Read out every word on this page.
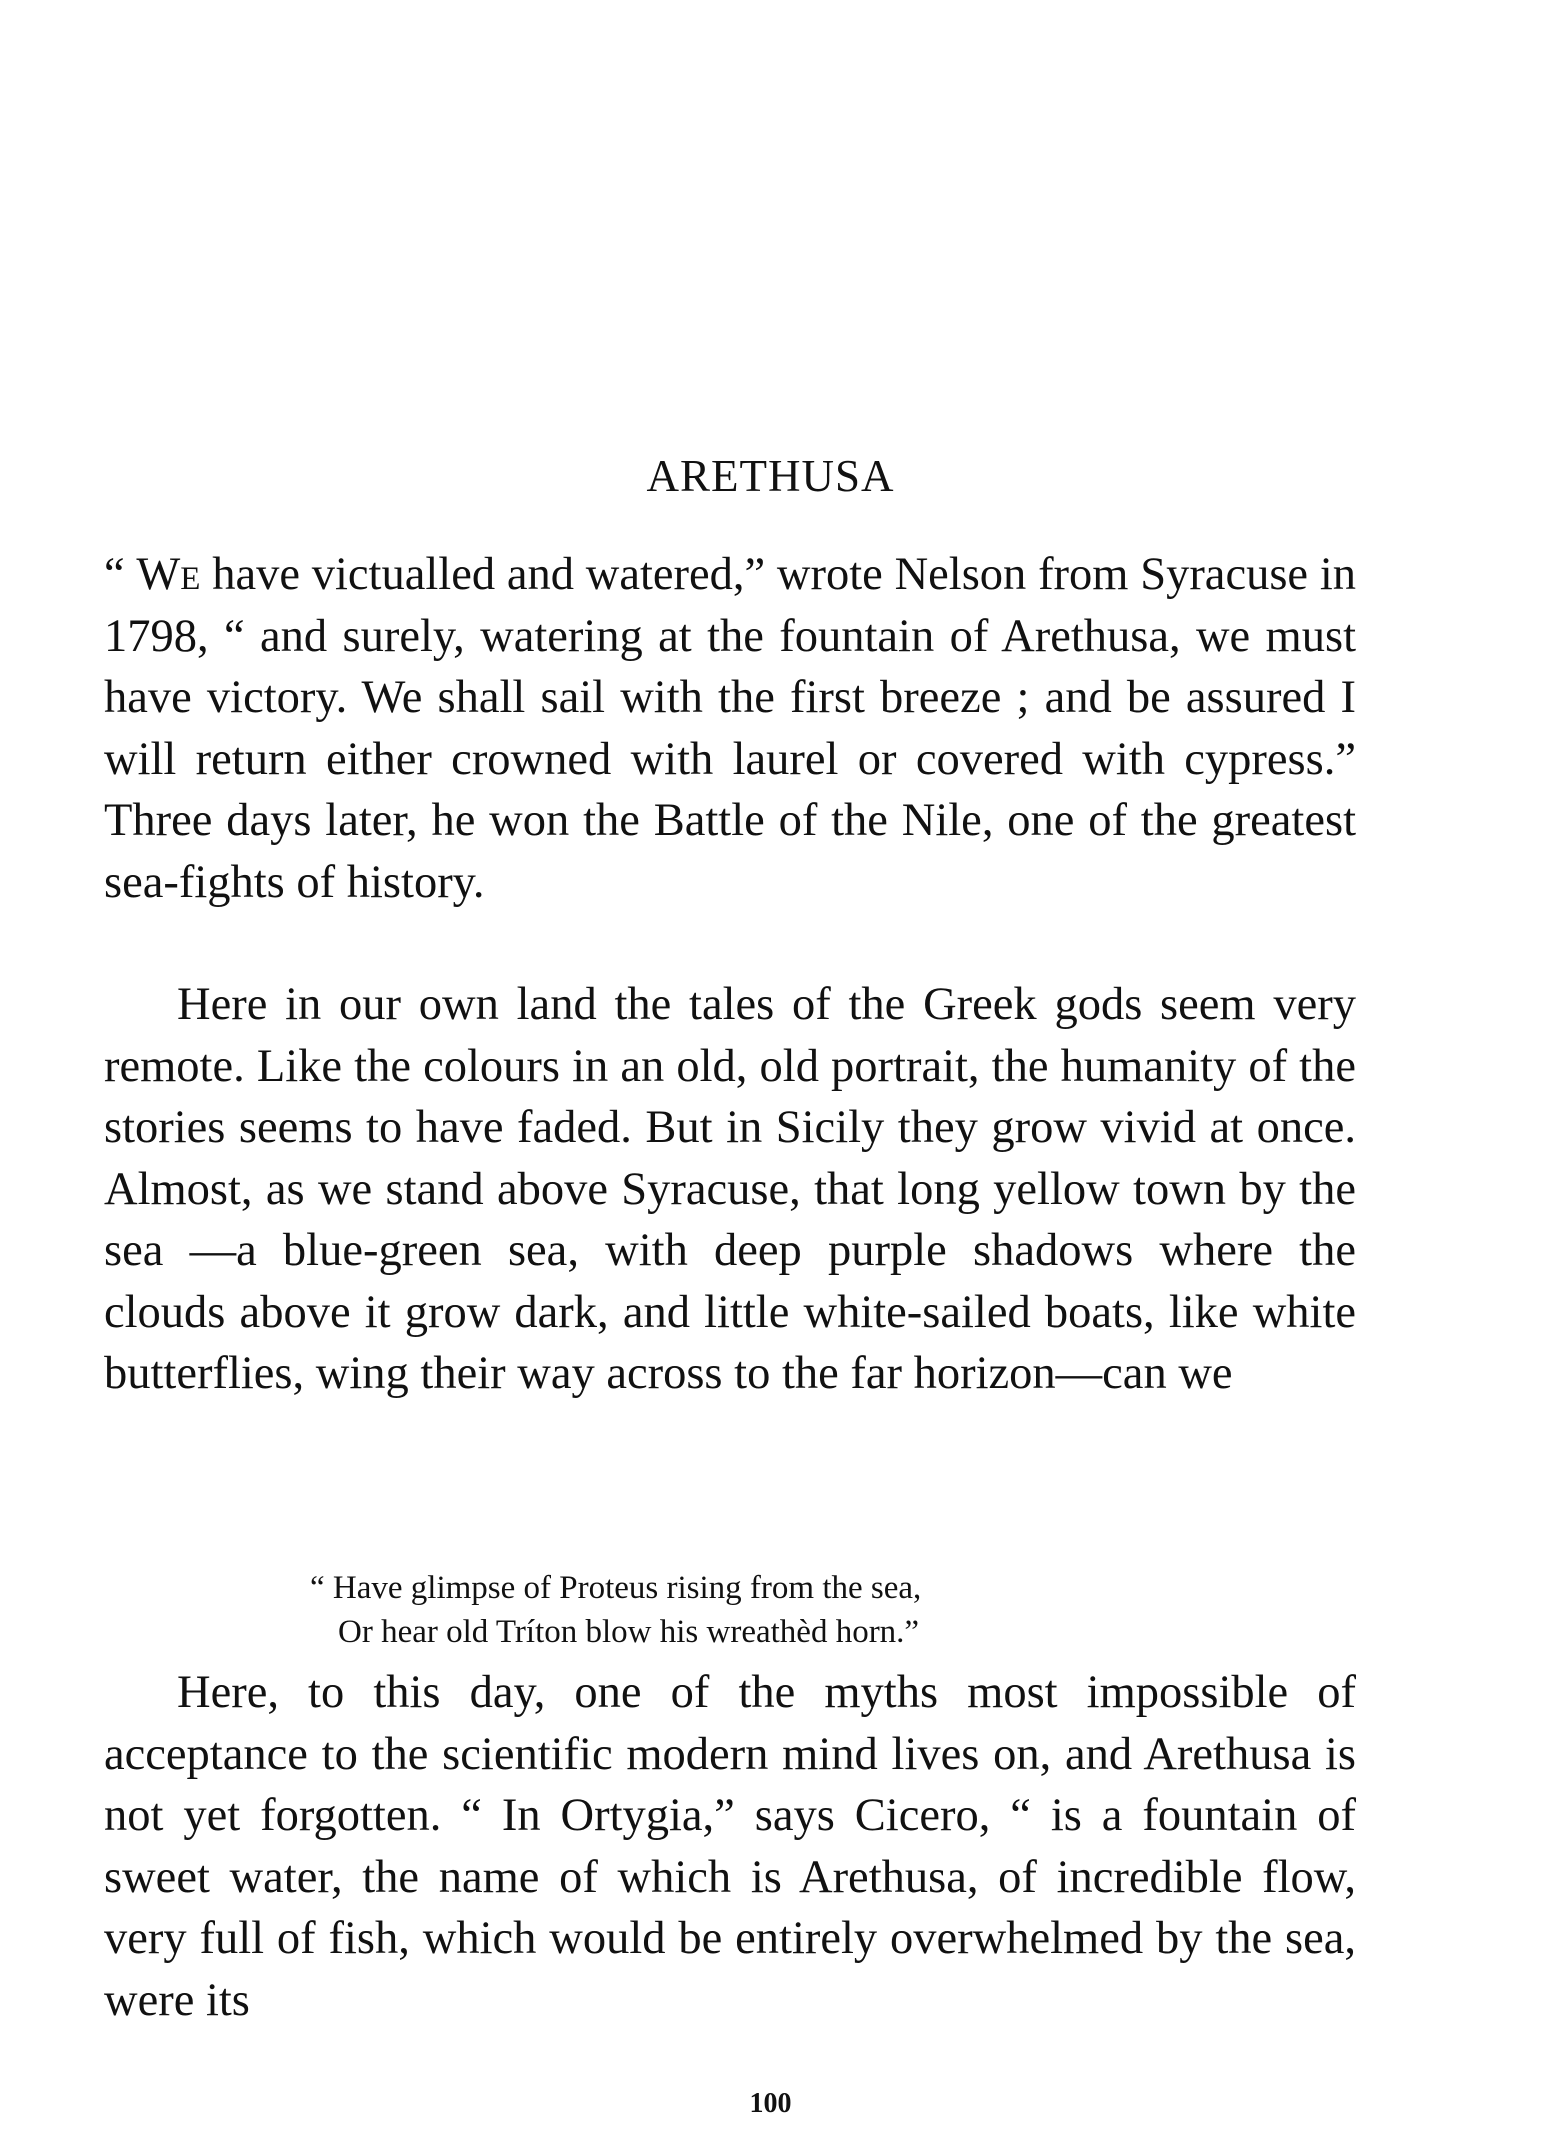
ARETHUSA

“ We have victualled and watered,” wrote Nelson from Syracuse in 1798, “ and surely, watering at the fountain of Arethusa, we must have victory. We shall sail with the first breeze ; and be assured I will return either crowned with laurel or covered with cypress.” Three days later, he won the Battle of the Nile, one of the greatest sea-fights of history.

Here in our own land the tales of the Greek gods seem very remote. Like the colours in an old, old portrait, the humanity of the stories seems to have faded. But in Sicily they grow vivid at once. Almost, as we stand above Syracuse, that long yellow town by the sea —a blue-green sea, with deep purple shadows where the clouds above it grow dark, and little white-sailed boats, like white butterflies, wing their way across to the far horizon—can we

“ Have glimpse of Proteus rising from the sea,
Or hear old Tríton blow his wreathèd horn.”

Here, to this day, one of the myths most impossible of acceptance to the scientific modern mind lives on, and Arethusa is not yet forgotten. “ In Ortygia,” says Cicero, “ is a fountain of sweet water, the name of which is Arethusa, of incredible flow, very full of fish, which would be entirely overwhelmed by the sea, were its

100
